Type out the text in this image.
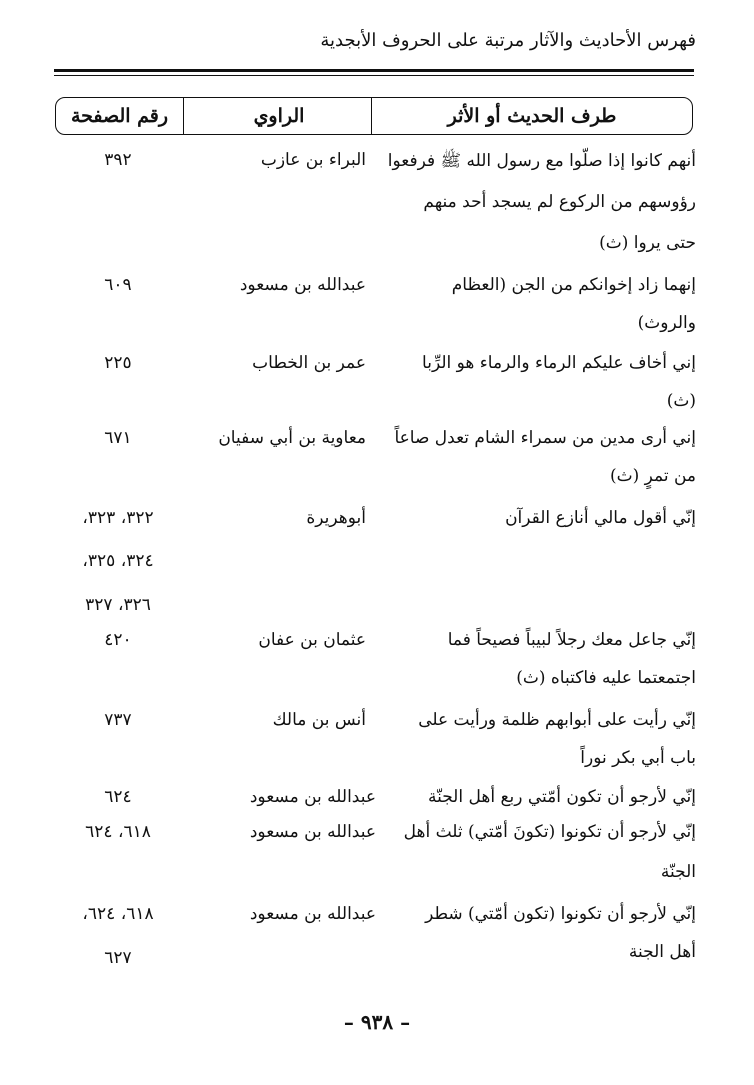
فهرس الأحاديث والآثار مرتبة على الحروف الأبجدية
طرف الحديث أو الأثر
الراوي
رقم الصفحة
أنهم كانوا إذا صلّوا مع رسول الله ﷺ فرفعوا
رؤوسهم من الركوع لم يسجد أحد منهم
حتى يروا (ث)
البراء بن عازب
٣٩٢
إنهما زاد إخوانكم من الجن (العظام
والروث)
عبدالله بن مسعود
٦٠٩
إني أخاف عليكم الرماء والرماء هو الرِّبا
(ث)
عمر بن الخطاب
٢٢٥
إني أرى مدين من سمراء الشام تعدل صاعاً
من تمرٍ (ث)
معاوية بن أبي سفيان
٦٧١
إنّي أقول مالي أنازع القرآن
أبوهريرة
٣٢٢، ٣٢٣،
٣٢٤، ٣٢٥،
٣٢٦، ٣٢٧
إنّي جاعل معك رجلاً لبيباً فصيحاً فما
اجتمعتما عليه فاكتباه (ث)
عثمان بن عفان
٤٢٠
إنّي رأيت على أبوابهم ظلمة ورأيت على
باب أبي بكر نوراً
أنس بن مالك
٧٣٧
إنّي لأرجو أن تكون أمّتي ربع أهل الجنّة
عبدالله بن مسعود
٦٢٤
إنّي لأرجو أن تكونوا (تكونَ أمّتي) ثلث أهل
الجنّة
عبدالله بن مسعود
٦١٨، ٦٢٤
إنّي لأرجو أن تكونوا (تكون أمّتي) شطر
أهل الجنة
عبدالله بن مسعود
٦١٨، ٦٢٤،
٦٢٧
– ٩٣٨ –
